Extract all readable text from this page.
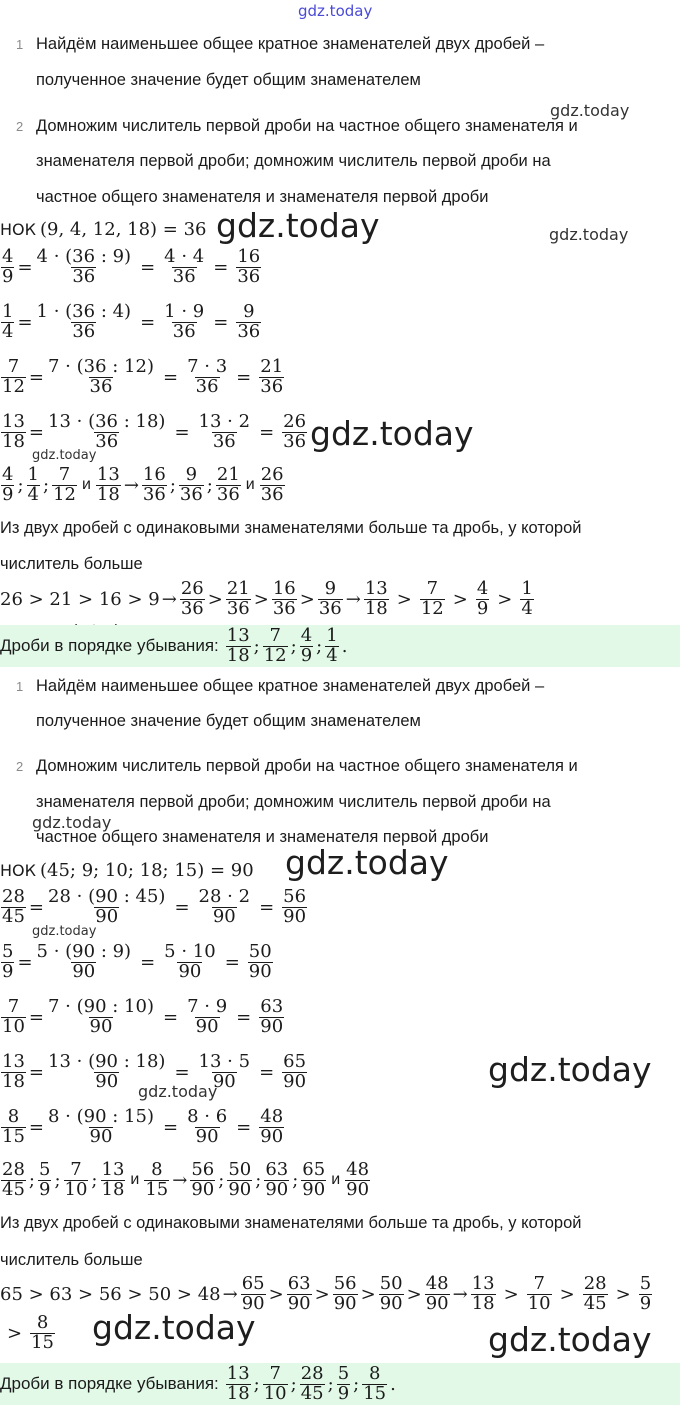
gdz.today
gdz.today
gdz.today	gdz.today
gdz.today
gdz.today
gdz.today
gdz.today
gdz.today
gdz.today
gdz.today
gdz.today	gdz.today
1 Найдём наименьшее общее кратное знаменателей двух дробей –
полученное значение будет общим знаменателем
2 Домножим числитель первой дроби на частное общего знаменателя и
знаменателя первой дроби; домножим числитель первой дроби на
частное общего знаменателя и знаменателя первой дроби
НОК (9, 4, 12, 18) = 36
$\frac{4}{9} = \frac{4 \cdot (36 : 9)}{36} = \frac{4 \cdot 4}{36} = \frac{16}{36}$
$\frac{1}{4} = \frac{1 \cdot (36 : 4)}{36} = \frac{1 \cdot 9}{36} = \frac{9}{36}$
$\frac{7}{12} = \frac{7 \cdot (36 : 12)}{36} = \frac{7 \cdot 3}{36} = \frac{21}{36}$
$\frac{13}{18} = \frac{13 \cdot (36 : 18)}{36} = \frac{13 \cdot 2}{36} = \frac{26}{36}$
$\frac{4}{9}$ ; $\frac{1}{4}$ ; $\frac{7}{12}$ и $\frac{13}{18} \to \frac{16}{36}$ ; $\frac{9}{36}$ ; $\frac{21}{36}$ и $\frac{26}{36}$
Из двух дробей с одинаковыми знаменателями больше та дробь, у которой
числитель больше
$26 > 21 > 16 > 9 \to \frac{26}{36} > \frac{21}{36} > \frac{16}{36} > \frac{9}{36} \to \frac{13}{18} > \frac{7}{12} > \frac{4}{9} > \frac{1}{4}$
Дроби в порядке убывания: $\frac{13}{18}$ ; $\frac{7}{12}$ ; $\frac{4}{9}$ ; $\frac{1}{4}$ .
1 Найдём наименьшее общее кратное знаменателей двух дробей –
полученное значение будет общим знаменателем
2 Домножим числитель первой дроби на частное общего знаменателя и
знаменателя первой дроби; домножим числитель первой дроби на
частное общего знаменателя и знаменателя первой дроби
НОК (45; 9; 10; 18; 15) = 90
$\frac{28}{45} = \frac{28 \cdot (90 : 45)}{90} = \frac{28 \cdot 2}{90} = \frac{56}{90}$
$\frac{5}{9} = \frac{5 \cdot (90 : 9)}{90} = \frac{5 \cdot 10}{90} = \frac{50}{90}$
$\frac{7}{10} = \frac{7 \cdot (90 : 10)}{90} = \frac{7 \cdot 9}{90} = \frac{63}{90}$
$\frac{13}{18} = \frac{13 \cdot (90 : 18)}{90} = \frac{13 \cdot 5}{90} = \frac{65}{90}$
$\frac{8}{15} = \frac{8 \cdot (90 : 15)}{90} = \frac{8 \cdot 6}{90} = \frac{48}{90}$
$\frac{28}{45}$ ; $\frac{5}{9}$ ; $\frac{7}{10}$ ; $\frac{13}{18}$ и $\frac{8}{15} \to \frac{56}{90}$ ; $\frac{50}{90}$ ; $\frac{63}{90}$ ; $\frac{65}{90}$ и $\frac{48}{90}$
Из двух дробей с одинаковыми знаменателями больше та дробь, у которой
числитель больше
$65 > 63 > 56 > 50 > 48 \to \frac{65}{90} > \frac{63}{90} > \frac{56}{90} > \frac{50}{90} > \frac{48}{90} \to \frac{13}{18} > \frac{7}{10} > \frac{28}{45} > \frac{5}{9}$
> $\frac{8}{15}$
Дроби в порядке убывания: $\frac{13}{18}$ ; $\frac{7}{10}$ ; $\frac{28}{45}$ ; $\frac{5}{9}$ ; $\frac{8}{15}$ .
